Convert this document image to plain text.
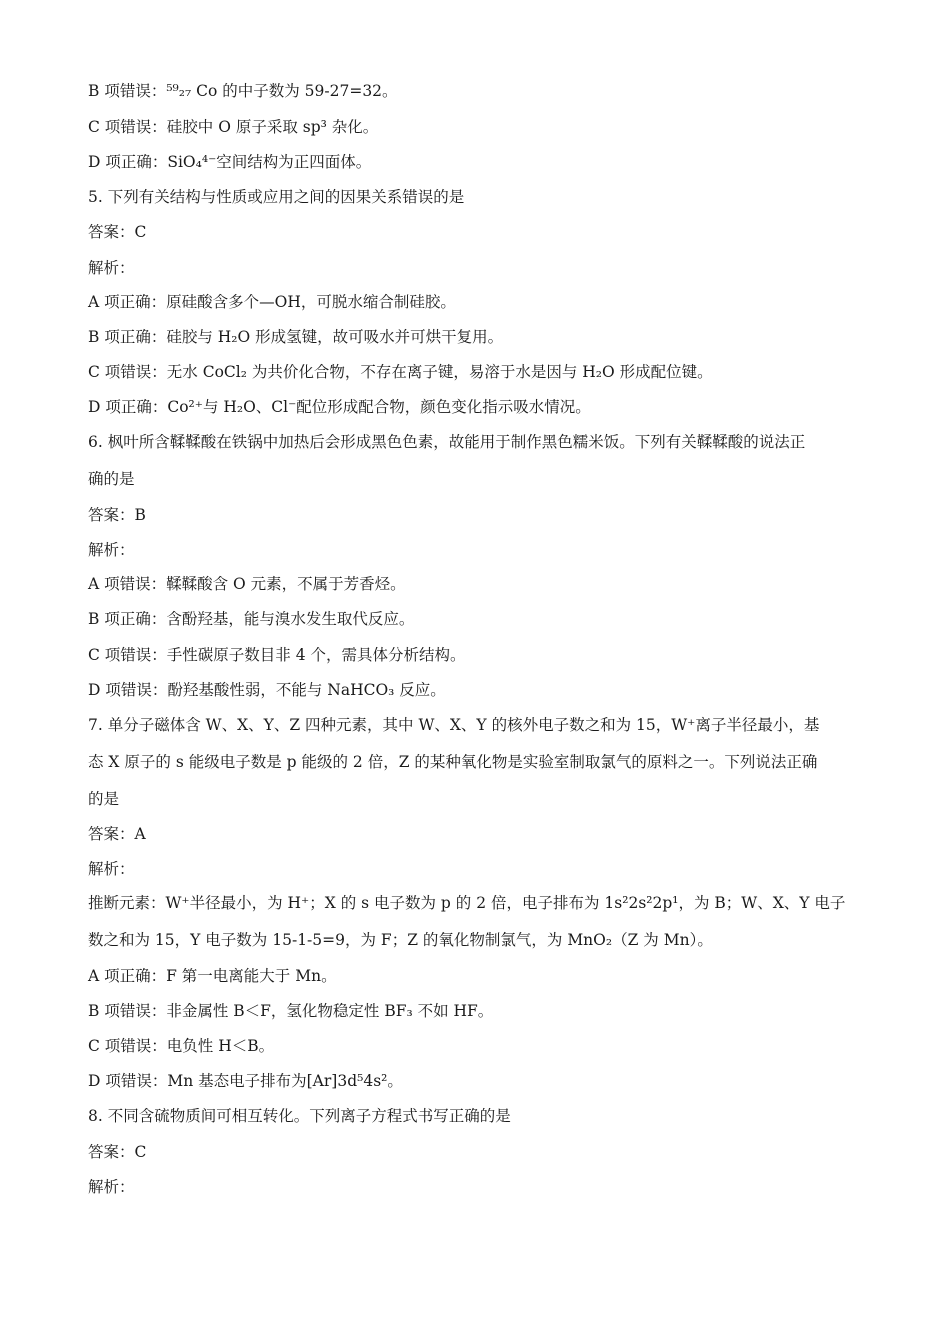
B 项错误：⁵⁹₂₇ Co 的中子数为 59-27=32。
C 项错误：硅胶中 O 原子采取 sp³ 杂化。
D 项正确：SiO₄⁴⁻空间结构为正四面体。
5. 下列有关结构与性质或应用之间的因果关系错误的是
答案：C
解析：
A 项正确：原硅酸含多个—OH，可脱水缩合制硅胶。
B 项正确：硅胶与 H₂O 形成氢键，故可吸水并可烘干复用。
C 项错误：无水 CoCl₂ 为共价化合物，不存在离子键，易溶于水是因与 H₂O 形成配位键。
D 项正确：Co²⁺与 H₂O、Cl⁻配位形成配合物，颜色变化指示吸水情况。
6. 枫叶所含鞣鞣酸在铁锅中加热后会形成黑色色素，故能用于制作黑色糯米饭。下列有关鞣鞣酸的说法正
确的是
答案：B
解析：
A 项错误：鞣鞣酸含 O 元素，不属于芳香烃。
B 项正确：含酚羟基，能与溴水发生取代反应。
C 项错误：手性碳原子数目非 4 个，需具体分析结构。
D 项错误：酚羟基酸性弱，不能与 NaHCO₃ 反应。
7. 单分子磁体含 W、X、Y、Z 四种元素，其中 W、X、Y 的核外电子数之和为 15，W⁺离子半径最小，基
态 X 原子的 s 能级电子数是 p 能级的 2 倍，Z 的某种氧化物是实验室制取氯气的原料之一。下列说法正确
的是
答案：A
解析：
推断元素：W⁺半径最小，为 H⁺；X 的 s 电子数为 p 的 2 倍，电子排布为 1s²2s²2p¹，为 B；W、X、Y 电子
数之和为 15，Y 电子数为 15-1-5=9，为 F；Z 的氧化物制氯气，为 MnO₂（Z 为 Mn）。
A 项正确：F 第一电离能大于 Mn。
B 项错误：非金属性 B＜F，氢化物稳定性 BF₃ 不如 HF。
C 项错误：电负性 H＜B。
D 项错误：Mn 基态电子排布为[Ar]3d⁵4s²。
8. 不同含硫物质间可相互转化。下列离子方程式书写正确的是
答案：C
解析：
